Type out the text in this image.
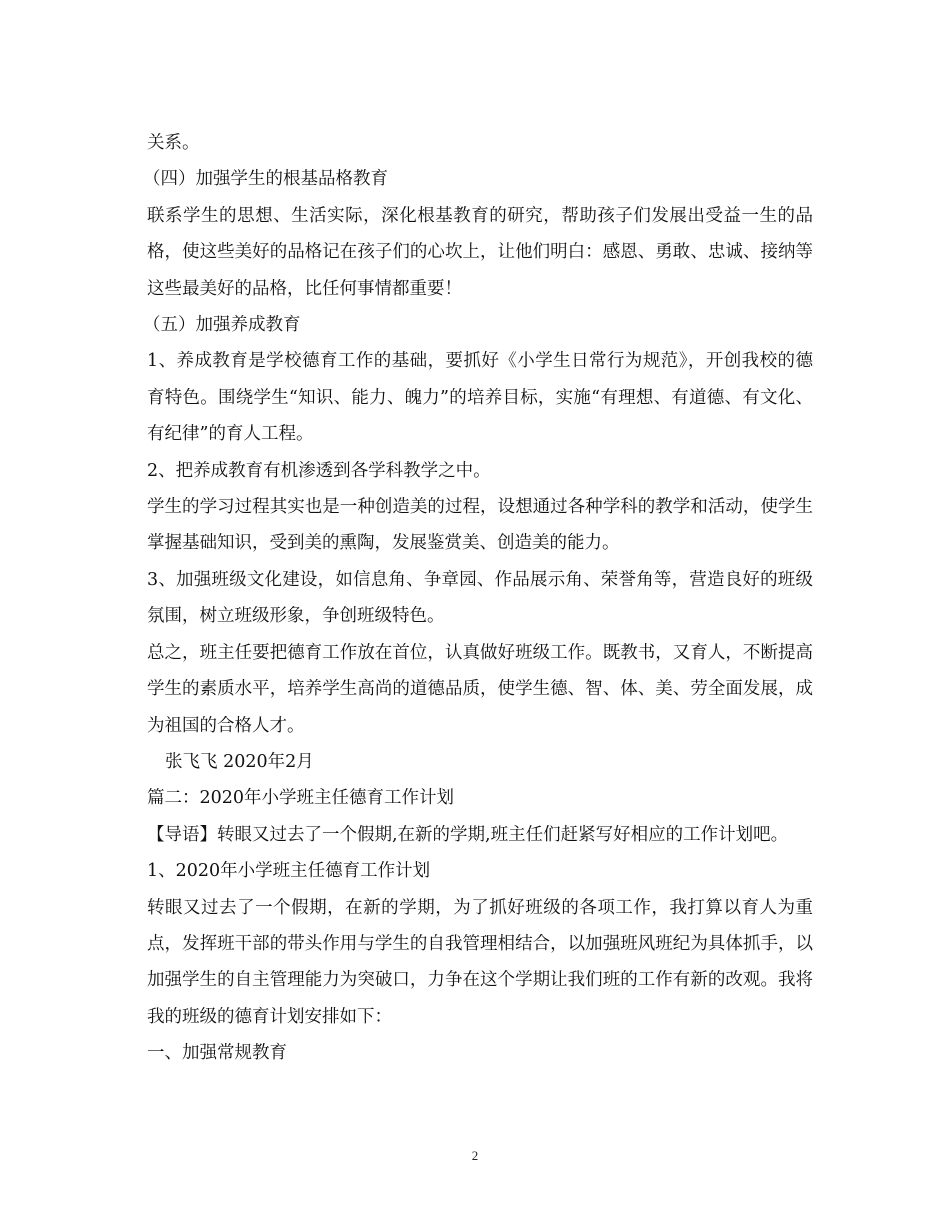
关系。

（四）加强学生的根基品格教育

联系学生的思想、生活实际，深化根基教育的研究，帮助孩子们发展出受益一生的品格，使这些美好的品格记在孩子们的心坎上，让他们明白：感恩、勇敢、忠诚、接纳等这些最美好的品格，比任何事情都重要！

（五）加强养成教育

1、养成教育是学校德育工作的基础，要抓好《小学生日常行为规范》，开创我校的德育特色。围绕学生“知识、能力、魄力”的培养目标，实施“有理想、有道德、有文化、有纪律”的育人工程。

2、把养成教育有机渗透到各学科教学之中。

学生的学习过程其实也是一种创造美的过程，设想通过各种学科的教学和活动，使学生掌握基础知识，受到美的熏陶，发展鉴赏美、创造美的能力。

3、加强班级文化建设，如信息角、争章园、作品展示角、荣誉角等，营造良好的班级氛围，树立班级形象，争创班级特色。

总之，班主任要把德育工作放在首位，认真做好班级工作。既教书，又育人，不断提高学生的素质水平，培养学生高尚的道德品质，使学生德、智、体、美、劳全面发展，成为祖国的合格人才。

张飞飞 2020年2月

篇二：2020年小学班主任德育工作计划

【导语】转眼又过去了一个假期,在新的学期,班主任们赶紧写好相应的工作计划吧。

1、2020年小学班主任德育工作计划

转眼又过去了一个假期，在新的学期，为了抓好班级的各项工作，我打算以育人为重点，发挥班干部的带头作用与学生的自我管理相结合，以加强班风班纪为具体抓手，以加强学生的自主管理能力为突破口，力争在这个学期让我们班的工作有新的改观。我将我的班级的德育计划安排如下：

一、加强常规教育

2
